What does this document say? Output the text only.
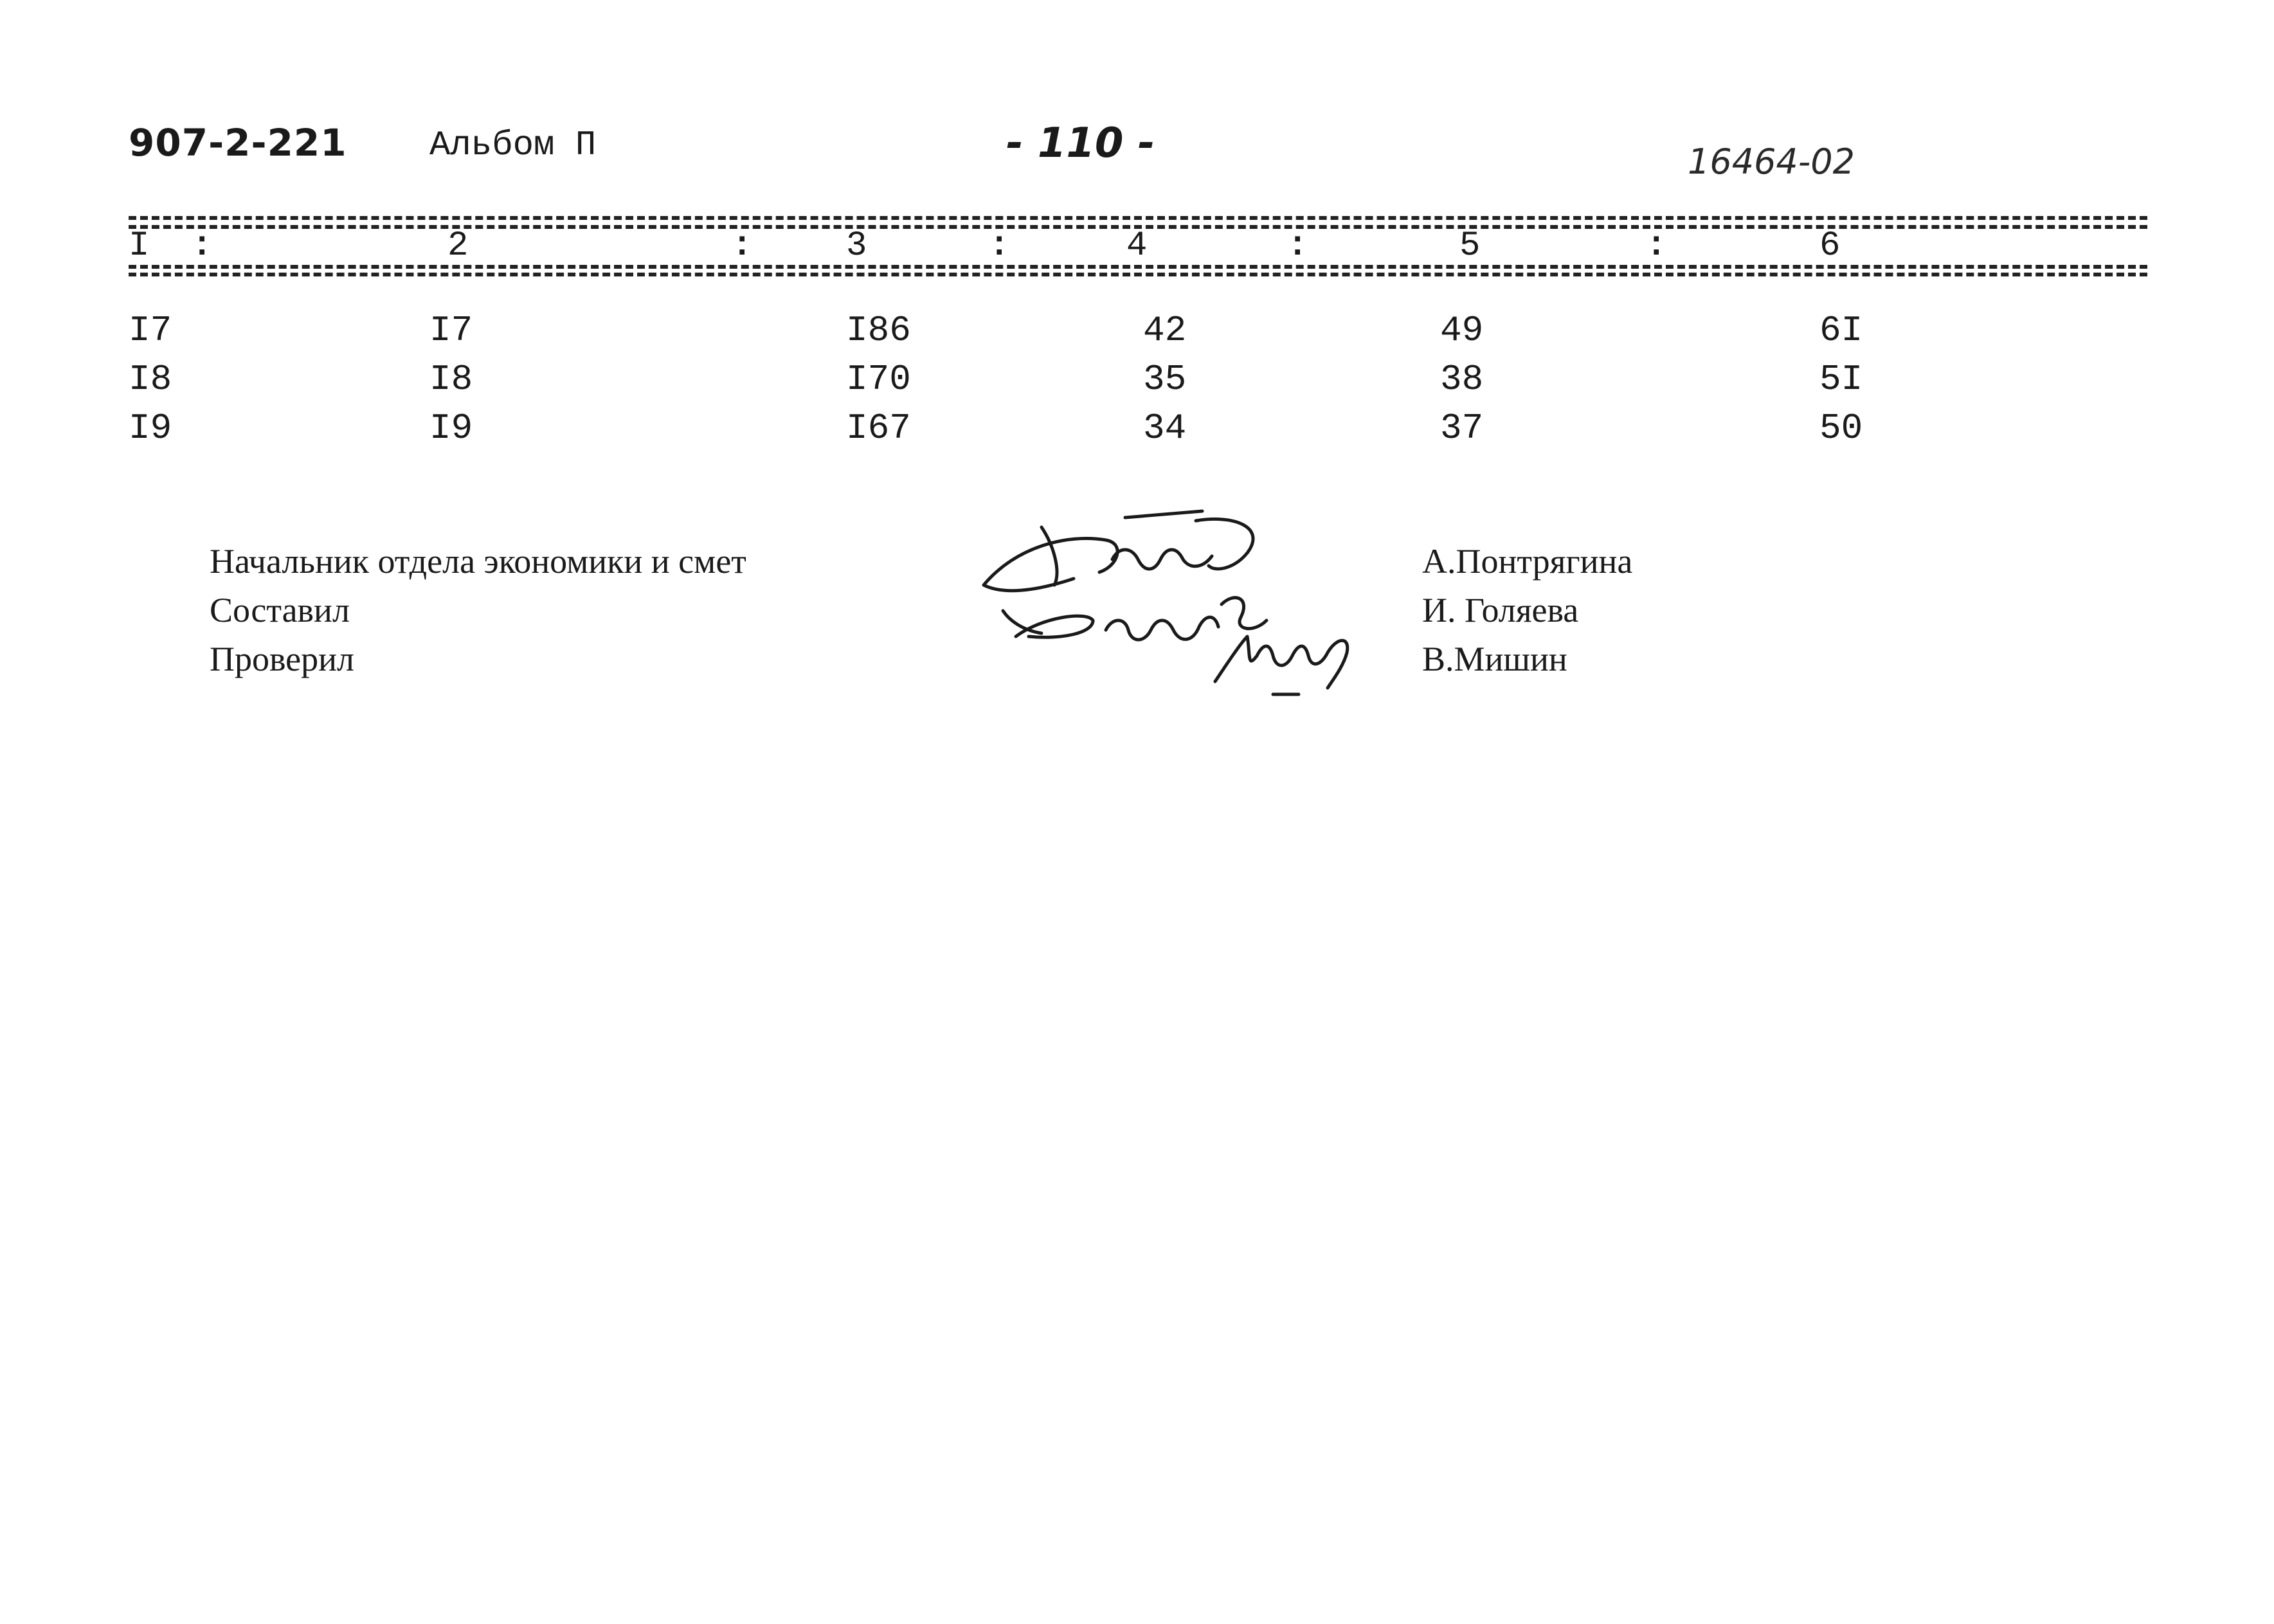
907-2-221 Альбом П	- 110 -	16464-02
I :	2	:	3	:	4	:	5	:	6
I7	I7	I86	42	49	6I
I8	I8	I70	35	38	5I
I9	I9	I67	34	37	50
Начальник отдела экономики и смет
Составил
Проверил
А.Понтрягина
И. Голяева
В.Мишин
